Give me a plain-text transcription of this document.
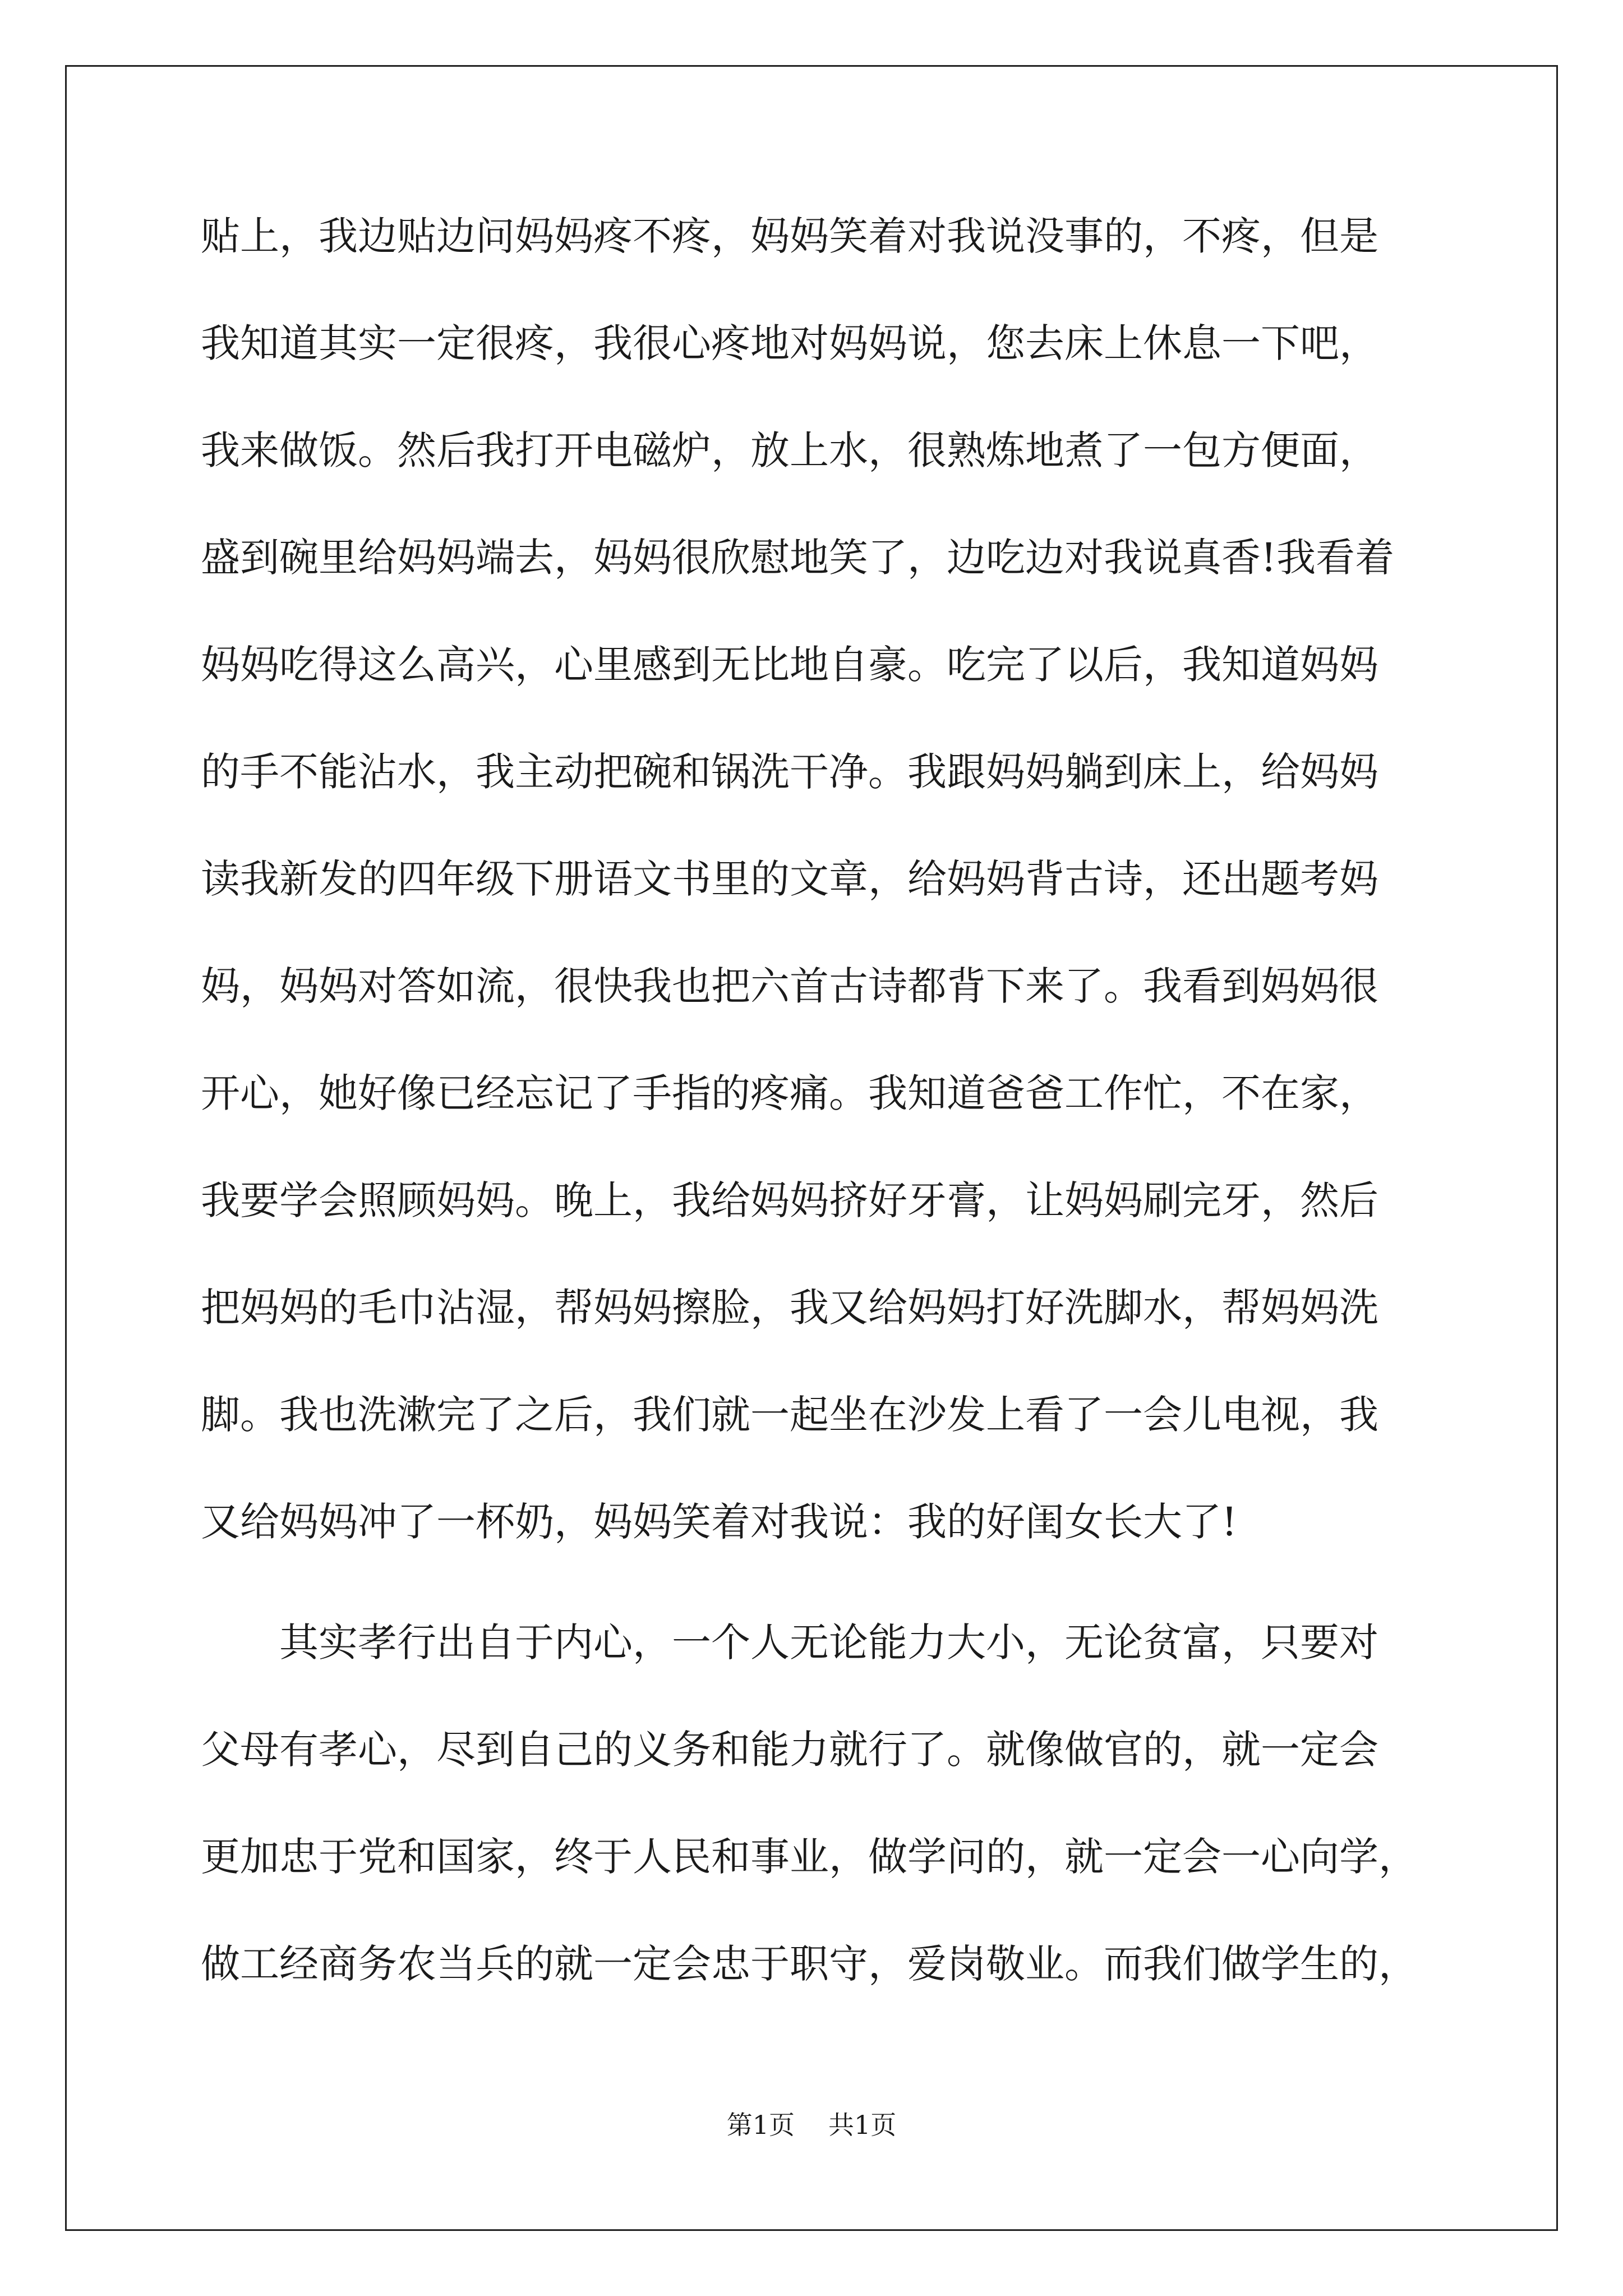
贴上，我边贴边问妈妈疼不疼，妈妈笑着对我说没事的，不疼，但是
我知道其实一定很疼，我很心疼地对妈妈说，您去床上休息一下吧，
我来做饭。然后我打开电磁炉，放上水，很熟炼地煮了一包方便面，
盛到碗里给妈妈端去，妈妈很欣慰地笑了，边吃边对我说真香!我看着
妈妈吃得这么高兴，心里感到无比地自豪。吃完了以后，我知道妈妈
的手不能沾水，我主动把碗和锅洗干净。我跟妈妈躺到床上，给妈妈
读我新发的四年级下册语文书里的文章，给妈妈背古诗，还出题考妈
妈，妈妈对答如流，很快我也把六首古诗都背下来了。我看到妈妈很
开心，她好像已经忘记了手指的疼痛。我知道爸爸工作忙，不在家，
我要学会照顾妈妈。晚上，我给妈妈挤好牙膏，让妈妈刷完牙，然后
把妈妈的毛巾沾湿，帮妈妈擦脸，我又给妈妈打好洗脚水，帮妈妈洗
脚。我也洗漱完了之后，我们就一起坐在沙发上看了一会儿电视，我
又给妈妈冲了一杯奶，妈妈笑着对我说：我的好闺女长大了!
其实孝行出自于内心，一个人无论能力大小，无论贫富，只要对
父母有孝心，尽到自己的义务和能力就行了。就像做官的，就一定会
更加忠于党和国家，终于人民和事业，做学问的，就一定会一心向学，
做工经商务农当兵的就一定会忠于职守，爱岗敬业。而我们做学生的，
第1页 共1页
